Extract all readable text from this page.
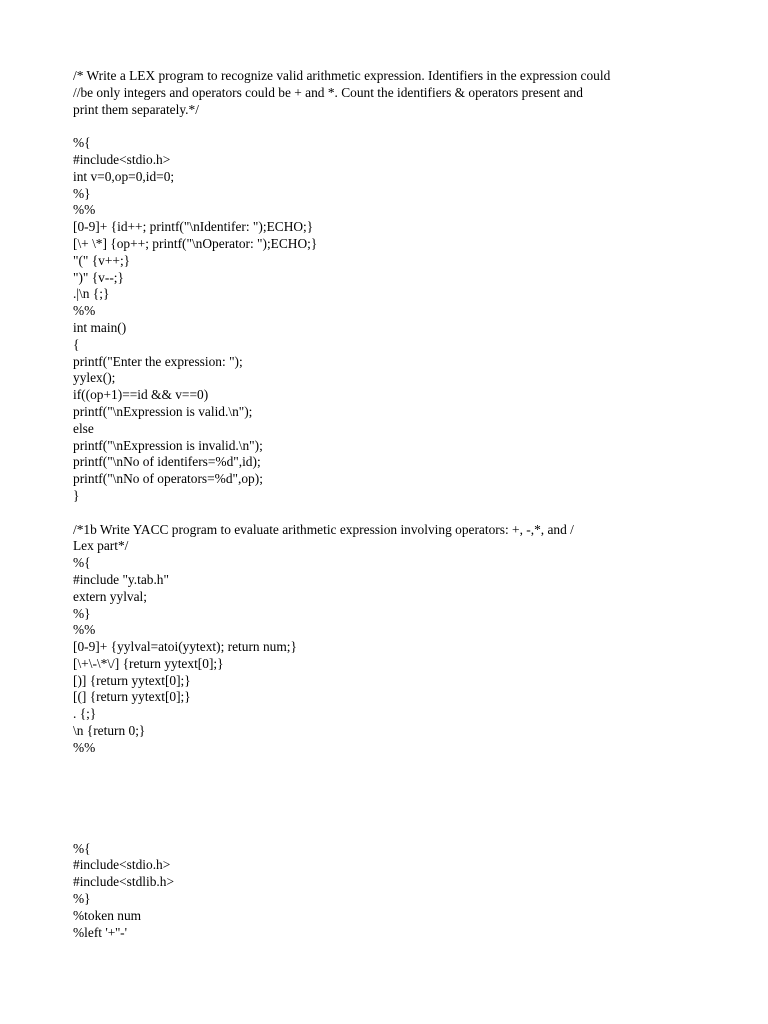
/* Write a LEX program to recognize valid arithmetic expression. Identifiers in the expression could
//be only integers and operators could be + and *. Count the identifiers & operators present and
print them separately.*/
%{
#include<stdio.h>
int v=0,op=0,id=0;
%}
%%
[0-9]+ {id++; printf("\nIdentifer: ");ECHO;}
[\+ \*] {op++; printf("\nOperator: ");ECHO;}
"(" {v++;}
")" {v--;}
.|\n {;}
%%
int main()
{
printf("Enter the expression: ");
yylex();
if((op+1)==id && v==0)
printf("\nExpression is valid.\n");
else
printf("\nExpression is invalid.\n");
printf("\nNo of identifers=%d",id);
printf("\nNo of operators=%d",op);
}
/*1b Write YACC program to evaluate arithmetic expression involving operators: +, -,*, and /
Lex part*/
%{
#include "y.tab.h"
extern yylval;
%}
%%
[0-9]+ {yylval=atoi(yytext); return num;}
[\+\-\*\/] {return yytext[0];}
[)] {return yytext[0];}
[(] {return yytext[0];}
. {;}
\n {return 0;}
%%
%{
#include<stdio.h>
#include<stdlib.h>
%}
%token num
%left '+''-'
